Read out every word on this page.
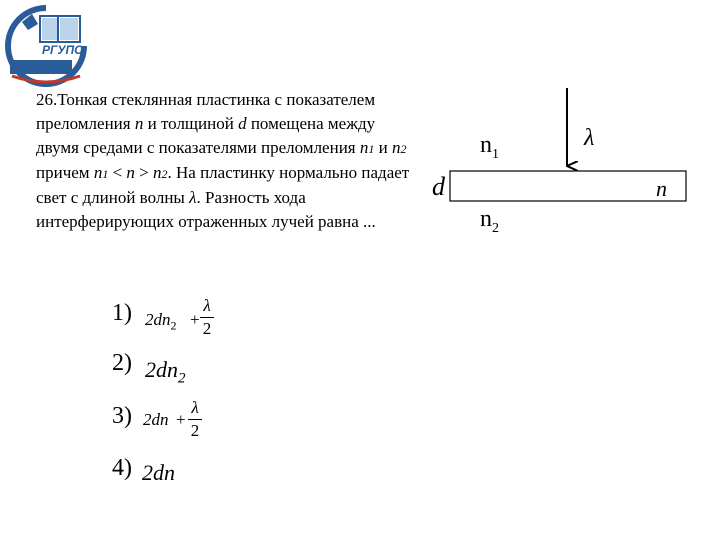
РГУПС

26.Тонкая стеклянная пластинка с показателем преломления n и толщиной d помещена между двумя средами с показателями преломления n1 и n2 причем n1 < n > n2. На пластинку нормально падает свет с длиной волны λ. Разность хода интерферирующих отраженных лучей равна ...

1) $2dn_2$ +
λ
2
2) $2dn_2$
3) 2dn +
λ
2
4) 2dn
$n_1$
λ
d	n
$n_2$
